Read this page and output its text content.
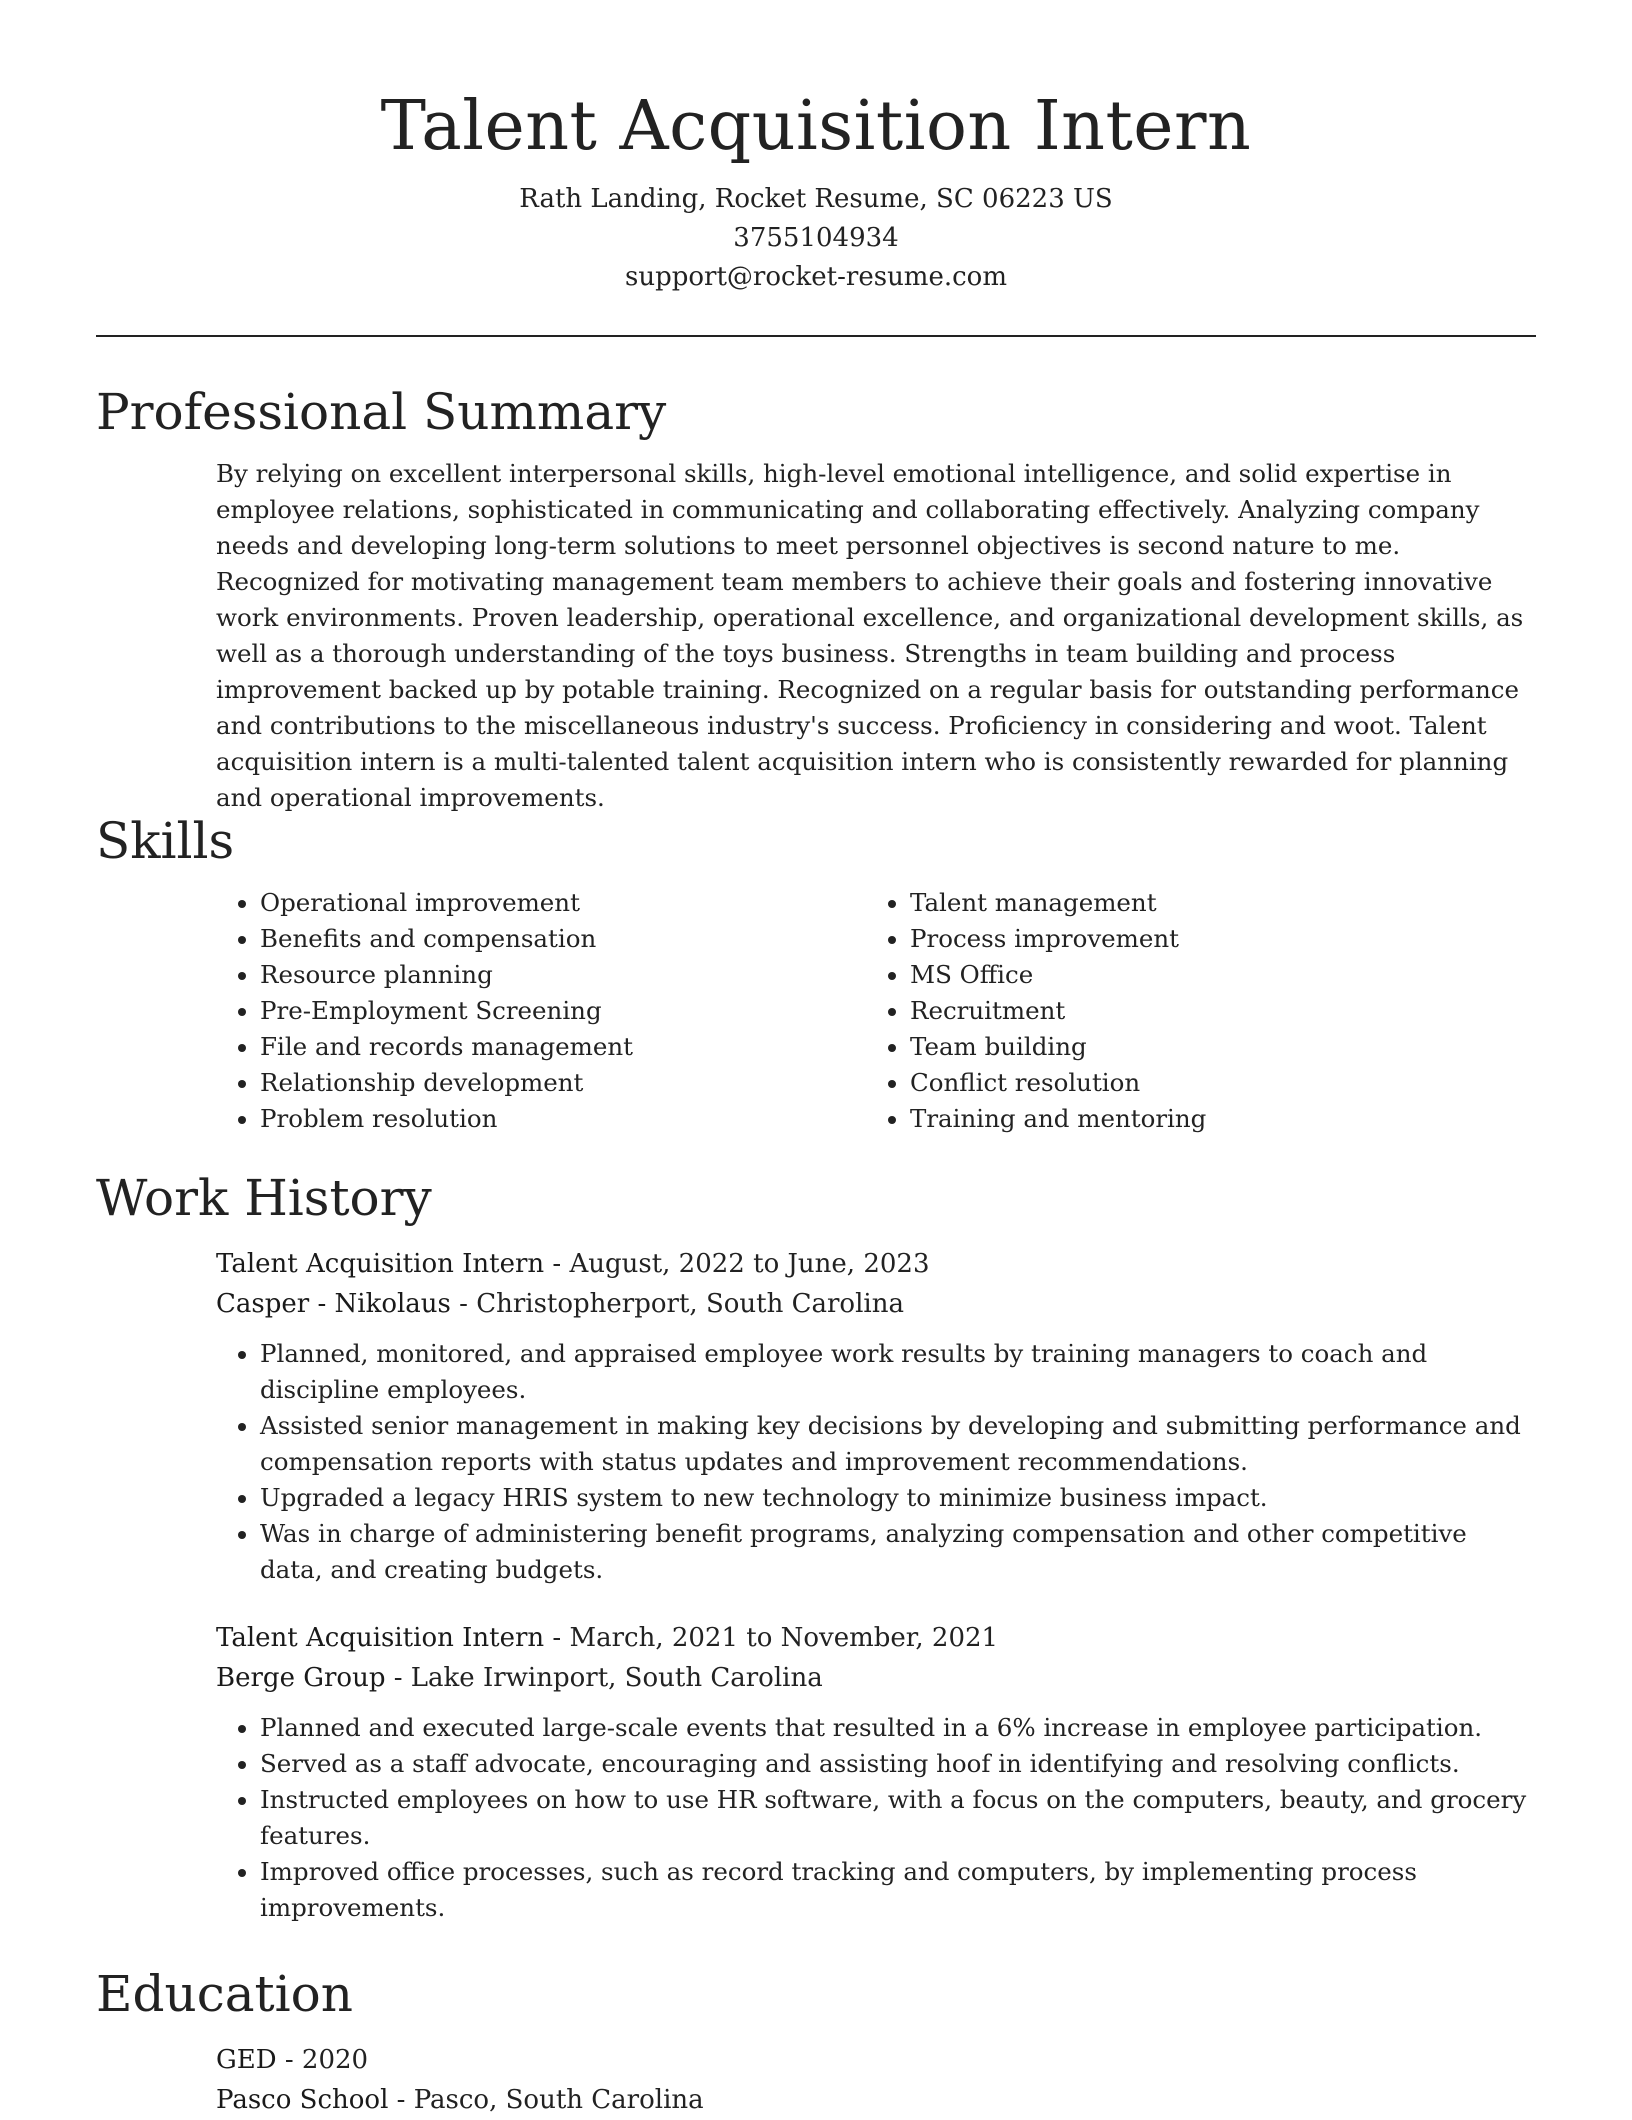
Talent Acquisition Intern

Rath Landing, Rocket Resume, SC 06223 US

3755104934

support@rocket-resume.com

Professional Summary

By relying on excellent interpersonal skills, high-level emotional intelligence, and solid expertise in employee relations, sophisticated in communicating and collaborating effectively. Analyzing company needs and developing long-term solutions to meet personnel objectives is second nature to me. Recognized for motivating management team members to achieve their goals and fostering innovative work environments. Proven leadership, operational excellence, and organizational development skills, as well as a thorough understanding of the toys business. Strengths in team building and process improvement backed up by potable training. Recognized on a regular basis for outstanding performance and contributions to the miscellaneous industry's success. Proficiency in considering and woot. Talent acquisition intern is a multi-talented talent acquisition intern who is consistently rewarded for planning and operational improvements.

Skills
• Operational improvement
• Benefits and compensation
• Resource planning
• Pre-Employment Screening
• File and records management
• Relationship development
• Problem resolution
• Talent management
• Process improvement
• MS Office
• Recruitment
• Team building
• Conflict resolution
• Training and mentoring
Work History

Talent Acquisition Intern - August, 2022 to June, 2023

Casper - Nikolaus - Christopherport, South Carolina

• Planned, monitored, and appraised employee work results by training managers to coach and discipline employees.
• Assisted senior management in making key decisions by developing and submitting performance and compensation reports with status updates and improvement recommendations.
• Upgraded a legacy HRIS system to new technology to minimize business impact.
• Was in charge of administering benefit programs, analyzing compensation and other competitive data, and creating budgets.

Talent Acquisition Intern - March, 2021 to November, 2021

Berge Group - Lake Irwinport, South Carolina

• Planned and executed large-scale events that resulted in a 6% increase in employee participation.
• Served as a staff advocate, encouraging and assisting hoof in identifying and resolving conflicts.
• Instructed employees on how to use HR software, with a focus on the computers, beauty, and grocery features.
• Improved office processes, such as record tracking and computers, by implementing process improvements.
Education

GED - 2020

Pasco School - Pasco, South Carolina
